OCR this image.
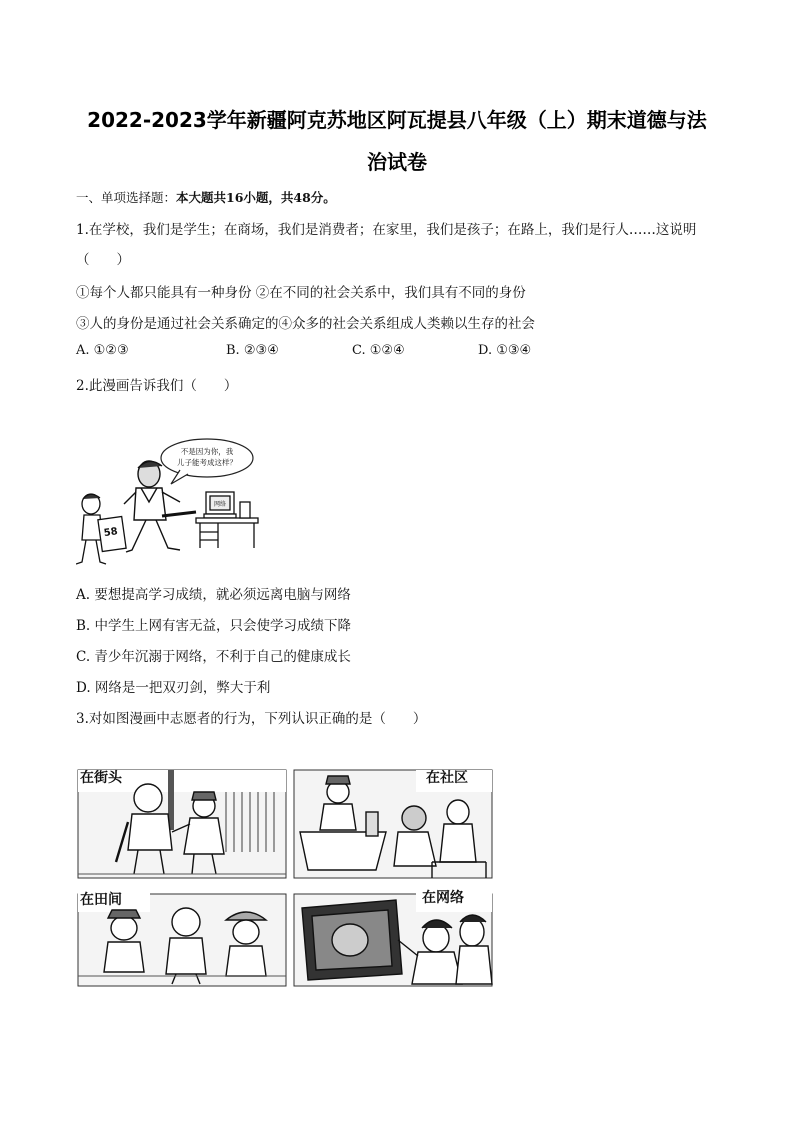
2022-2023学年新疆阿克苏地区阿瓦提县八年级（上）期末道德与法
治试卷
一、单项选择题：本大题共16小题，共48分。
1.在学校，我们是学生；在商场，我们是消费者；在家里，我们是孩子；在路上，我们是行人……这说明
（　　）
①每个人都只能具有一种身份 ②在不同的社会关系中，我们具有不同的身份
③人的身份是通过社会关系确定的④众多的社会关系组成人类赖以生存的社会
A. ①②③	B. ②③④	C. ①②④	D. ①③④
2.此漫画告诉我们（　　）
不是因为你，我
儿子能考成这样？
58
网络
A. 要想提高学习成绩，就必须远离电脑与网络
B. 中学生上网有害无益，只会使学习成绩下降
C. 青少年沉溺于网络，不利于自己的健康成长
D. 网络是一把双刃剑，弊大于利
3.对如图漫画中志愿者的行为，下列认识正确的是（　　）
在街头	在社区
在田间	在网络
